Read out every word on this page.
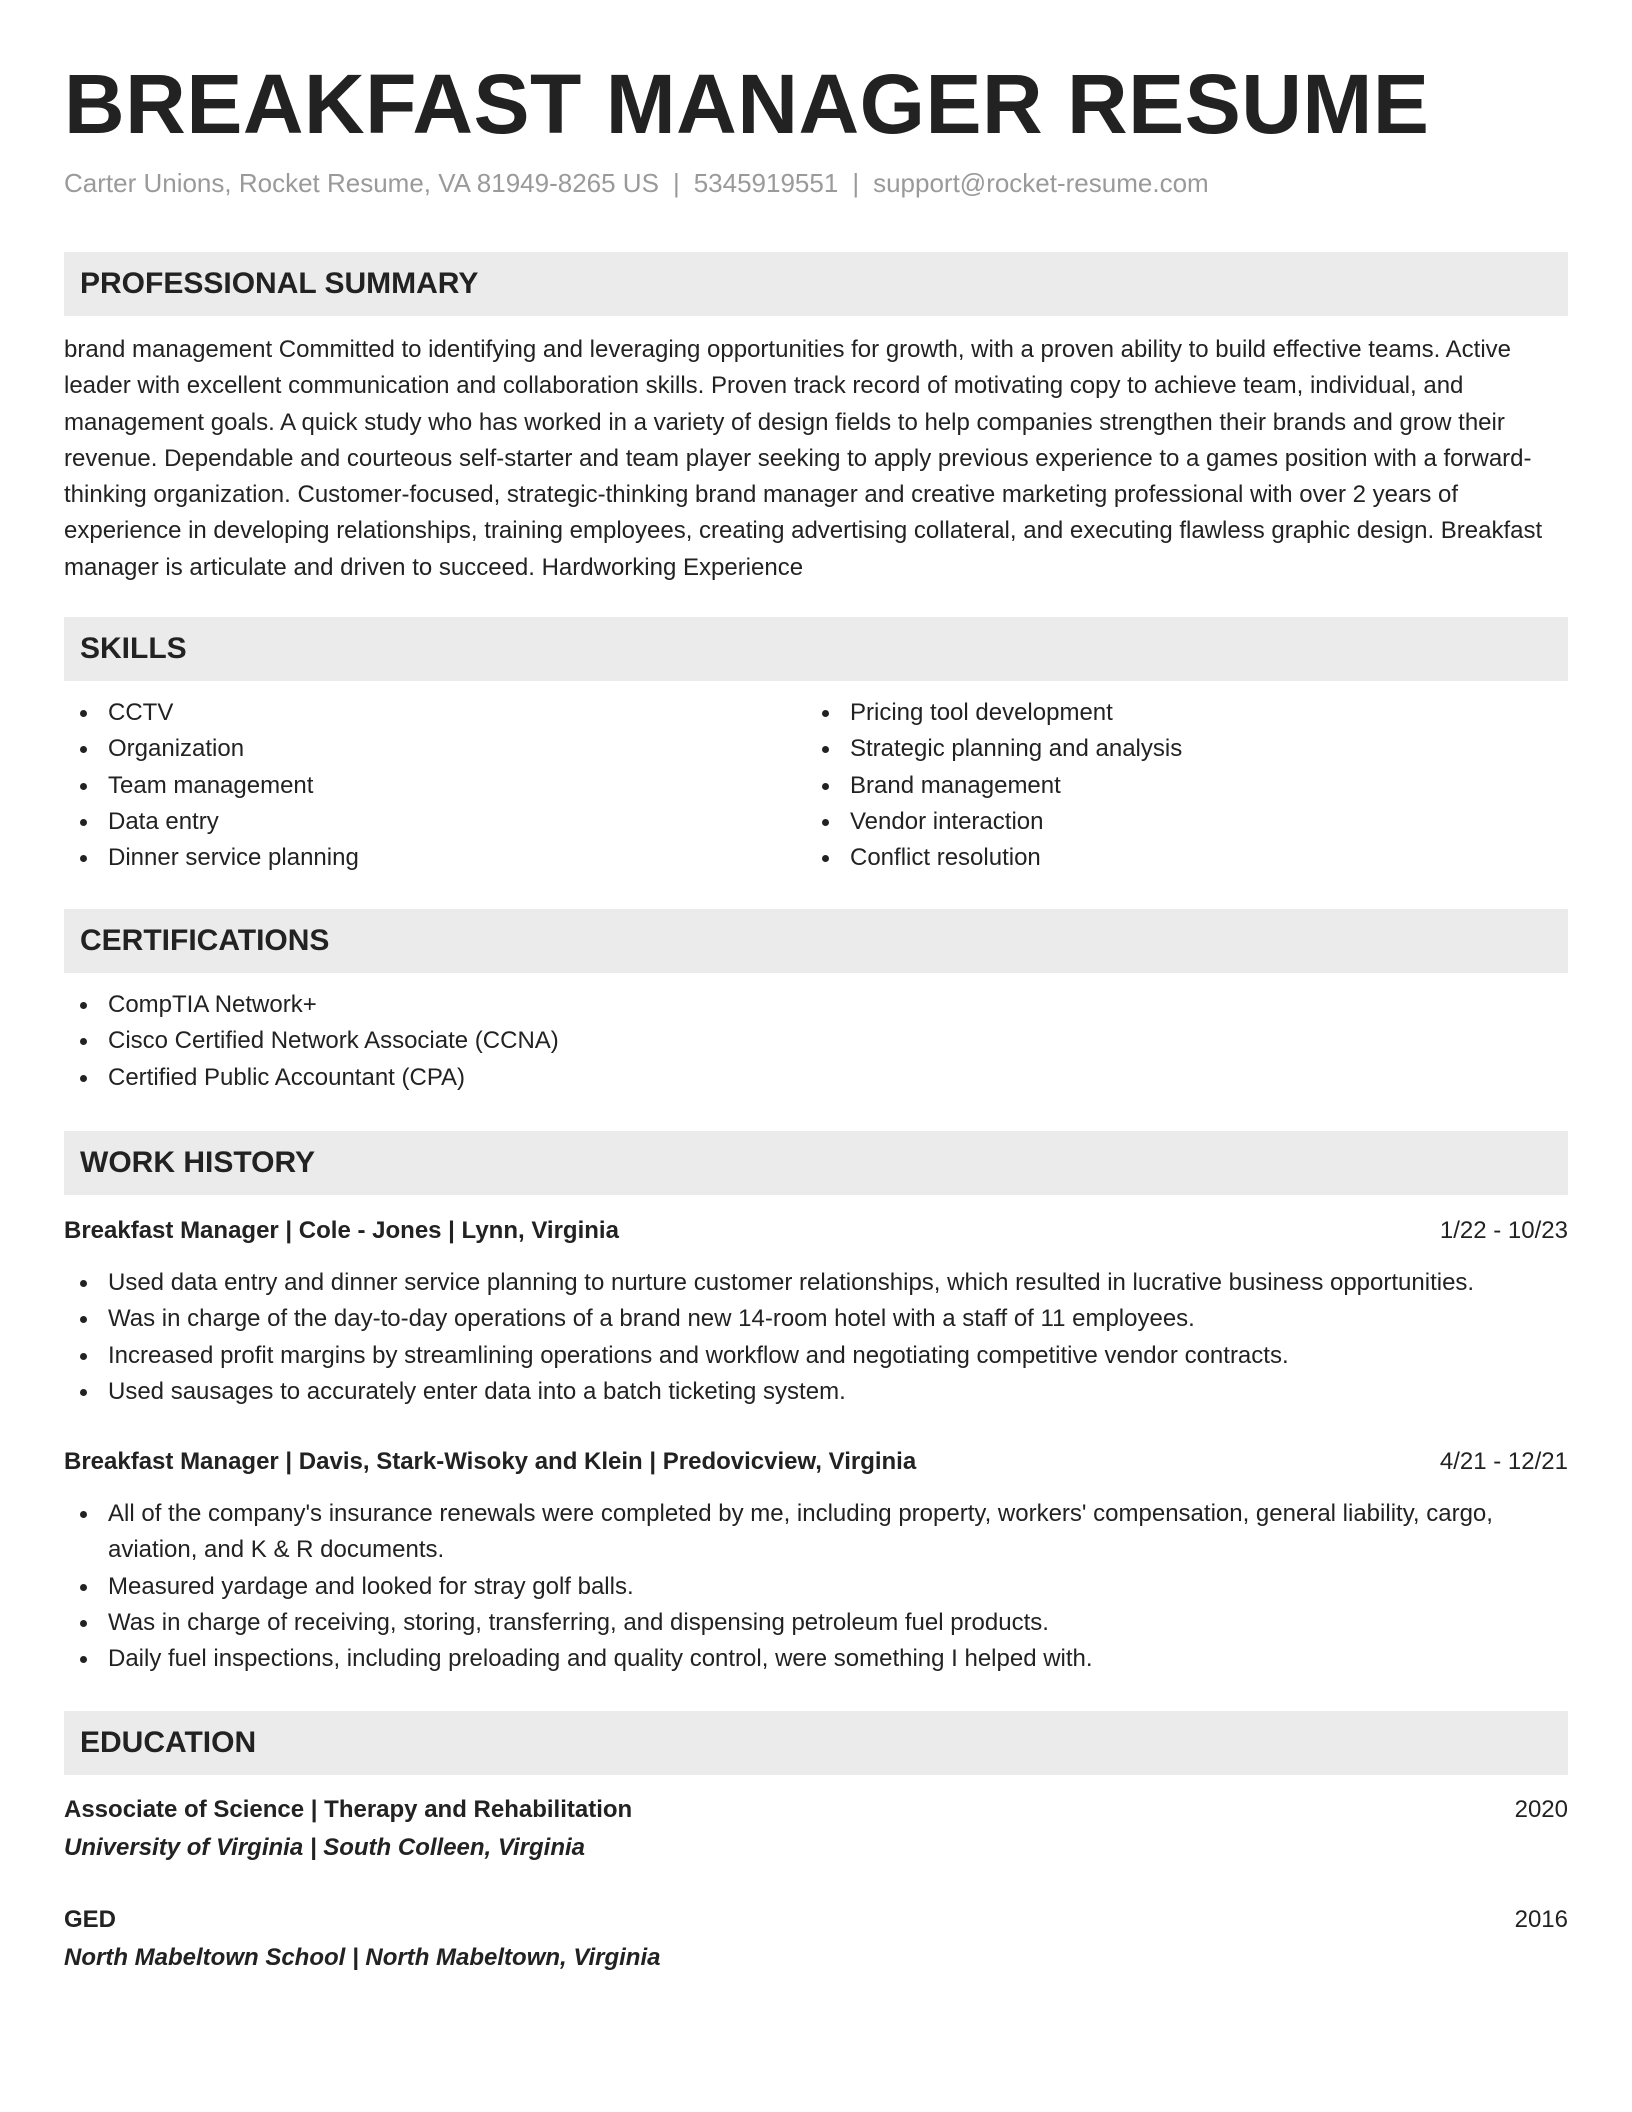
BREAKFAST MANAGER RESUME
Carter Unions, Rocket Resume, VA 81949-8265 US | 5345919551 | support@rocket-resume.com
PROFESSIONAL SUMMARY

brand management Committed to identifying and leveraging opportunities for growth, with a proven ability to build effective teams. Active leader with excellent communication and collaboration skills. Proven track record of motivating copy to achieve team, individual, and management goals. A quick study who has worked in a variety of design fields to help companies strengthen their brands and grow their revenue. Dependable and courteous self-starter and team player seeking to apply previous experience to a games position with a forward-thinking organization. Customer-focused, strategic-thinking brand manager and creative marketing professional with over 2 years of experience in developing relationships, training employees, creating advertising collateral, and executing flawless graphic design. Breakfast manager is articulate and driven to succeed. Hardworking Experience

SKILLS
CCTV
Organization
Team management
Data entry
Dinner service planning
Pricing tool development
Strategic planning and analysis
Brand management
Vendor interaction
Conflict resolution
CERTIFICATIONS
CompTIA Network+
Cisco Certified Network Associate (CCNA)
Certified Public Accountant (CPA)
WORK HISTORY
Breakfast Manager | Cole - Jones | Lynn, Virginia	1/22 - 10/23
Used data entry and dinner service planning to nurture customer relationships, which resulted in lucrative business opportunities.
Was in charge of the day-to-day operations of a brand new 14-room hotel with a staff of 11 employees.
Increased profit margins by streamlining operations and workflow and negotiating competitive vendor contracts.
Used sausages to accurately enter data into a batch ticketing system.
Breakfast Manager | Davis, Stark-Wisoky and Klein | Predovicview, Virginia	4/21 - 12/21
All of the company's insurance renewals were completed by me, including property, workers' compensation, general liability, cargo, aviation, and K & R documents.
Measured yardage and looked for stray golf balls.
Was in charge of receiving, storing, transferring, and dispensing petroleum fuel products.
Daily fuel inspections, including preloading and quality control, were something I helped with.
EDUCATION
Associate of Science | Therapy and Rehabilitation	2020
University of Virginia | South Colleen, Virginia
GED	2016
North Mabeltown School | North Mabeltown, Virginia
